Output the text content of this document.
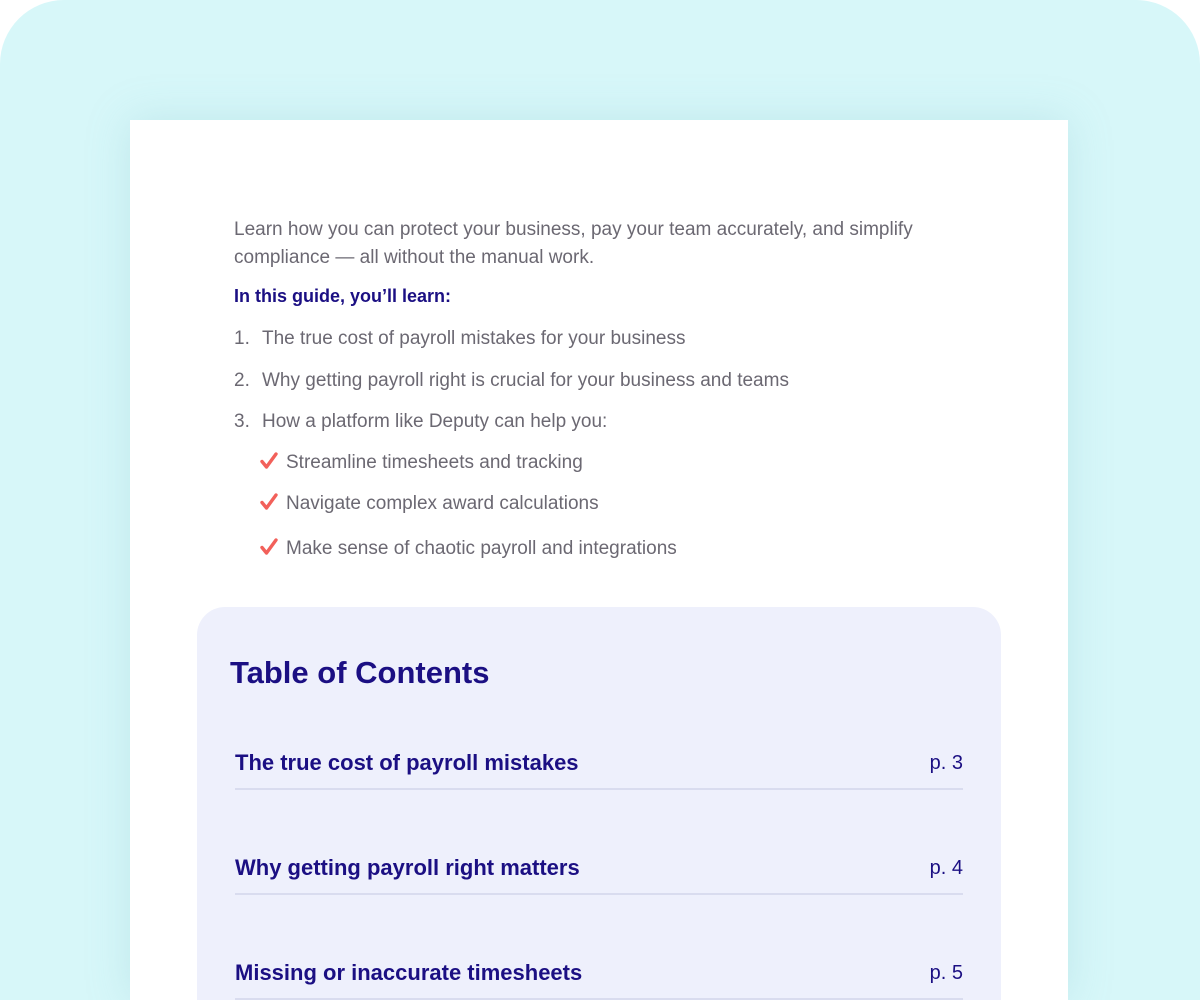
Learn how you can protect your business, pay your team accurately, and simplify compliance — all without the manual work.

In this guide, you’ll learn:

1. The true cost of payroll mistakes for your business
2. Why getting payroll right is crucial for your business and teams
3. How a platform like Deputy can help you:
Streamline timesheets and tracking
Navigate complex award calculations
Make sense of chaotic payroll and integrations
Table of Contents
The true cost of payroll mistakes	p. 3
Why getting payroll right matters	p. 4
Missing or inaccurate timesheets	p. 5
